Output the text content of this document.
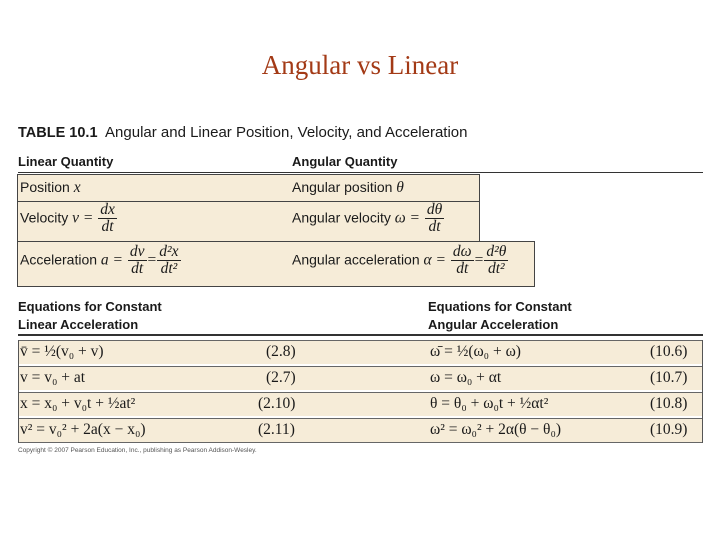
Angular vs Linear
TABLE 10.1 Angular and Linear Position, Velocity, and Acceleration
Linear Quantity	Angular Quantity
Position x	Angular position θ
Velocity $v = \frac{dx}{dt}$	Angular velocity $\omega = \frac{d\theta}{dt}$
Acceleration $a = \frac{dv}{dt} = \frac{\text{d²x}}{\text{dt²}}$	Angular acceleration $\alpha = \frac{d\omega}{dt} = \frac{\text{d²θ}}{\text{dt²}}$
Equations for Constant
Linear Acceleration
Equations for Constant
Angular Acceleration
v̄ = ½(v₀ + v)	(2.8)	ω̄ = ½(ω₀ + ω)	(10.6)
v = v₀ + at	(2.7)	ω = ω₀ + αt	(10.7)
x = x₀ + v₀t + ½at²	(2.10)	θ = θ₀ + ω₀t + ½αt²	(10.8)
v² = v₀² + 2a(x − x₀)	(2.11)	ω² = ω₀² + 2α(θ − θ₀)	(10.9)
Copyright © 2007 Pearson Education, Inc., publishing as Pearson Addison-Wesley.
